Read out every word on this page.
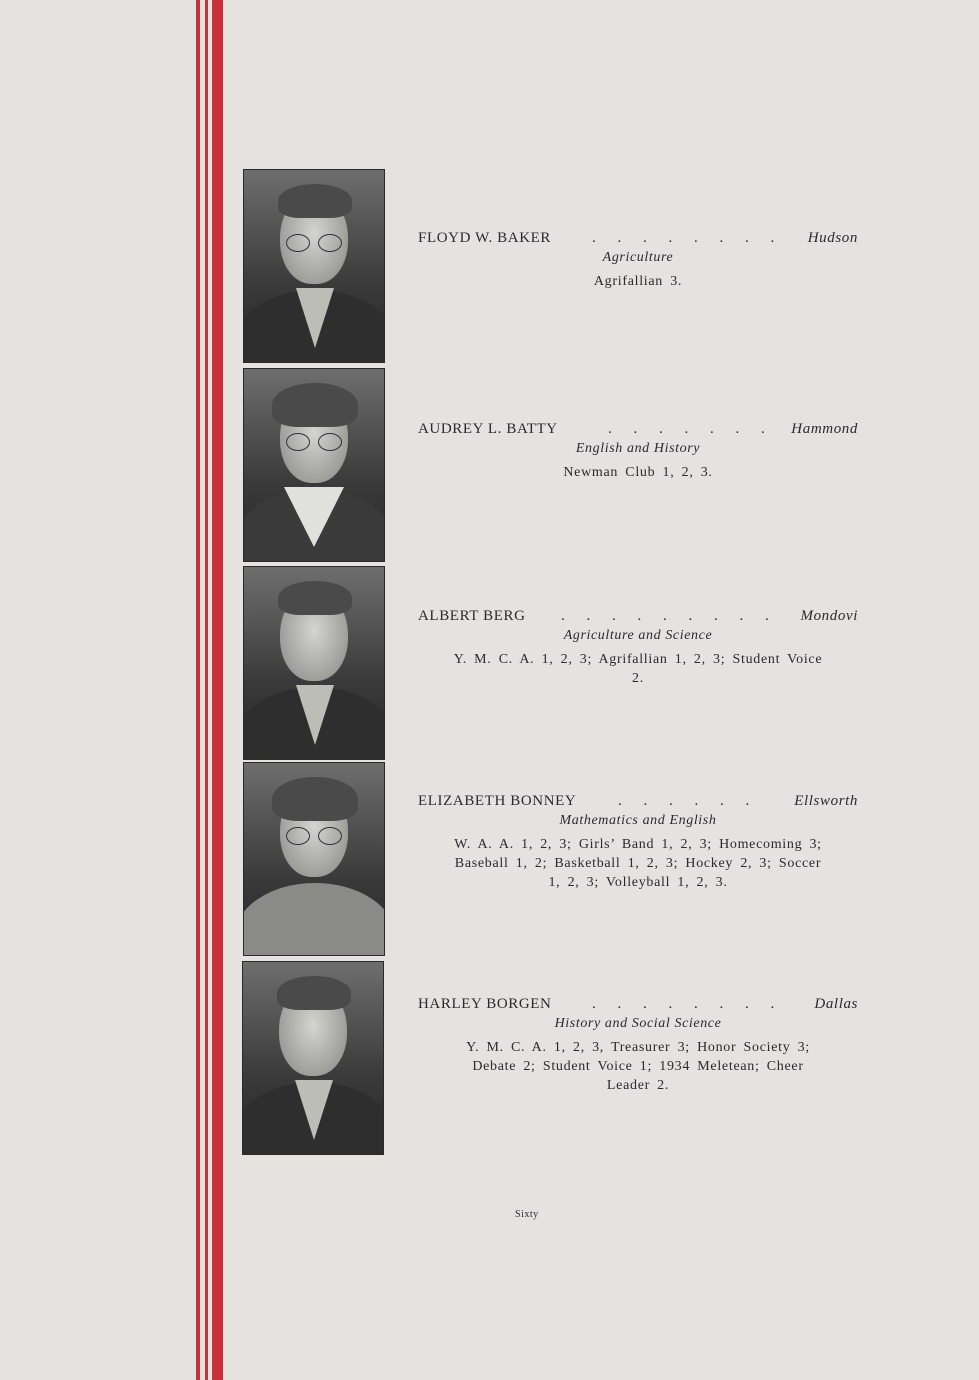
FLOYD W. BAKER	. . . . . . . . Hudson
Agriculture
Agrifallian 3.
AUDREY L. BATTY	. . . . . . . Hammond
English and History
Newman Club 1, 2, 3.
ALBERT BERG . . . . . . . . . Mondovi
Agriculture and Science
Y. M. C. A. 1, 2, 3; Agrifallian 1, 2, 3; Student Voice 2.
ELIZABETH BONNEY	. . . . . . Ellsworth
Mathematics and English
W. A. A. 1, 2, 3; Girls’ Band 1, 2, 3; Homecoming 3; Baseball 1, 2; Basketball 1, 2, 3; Hockey 2, 3; Soccer 1, 2, 3; Volleyball 1, 2, 3.
HARLEY BORGEN	. . . . . . . . Dallas
History and Social Science
Y. M. C. A. 1, 2, 3, Treasurer 3; Honor Society 3; Debate 2; Student Voice 1; 1934 Meletean; Cheer Leader 2.
Sixty
